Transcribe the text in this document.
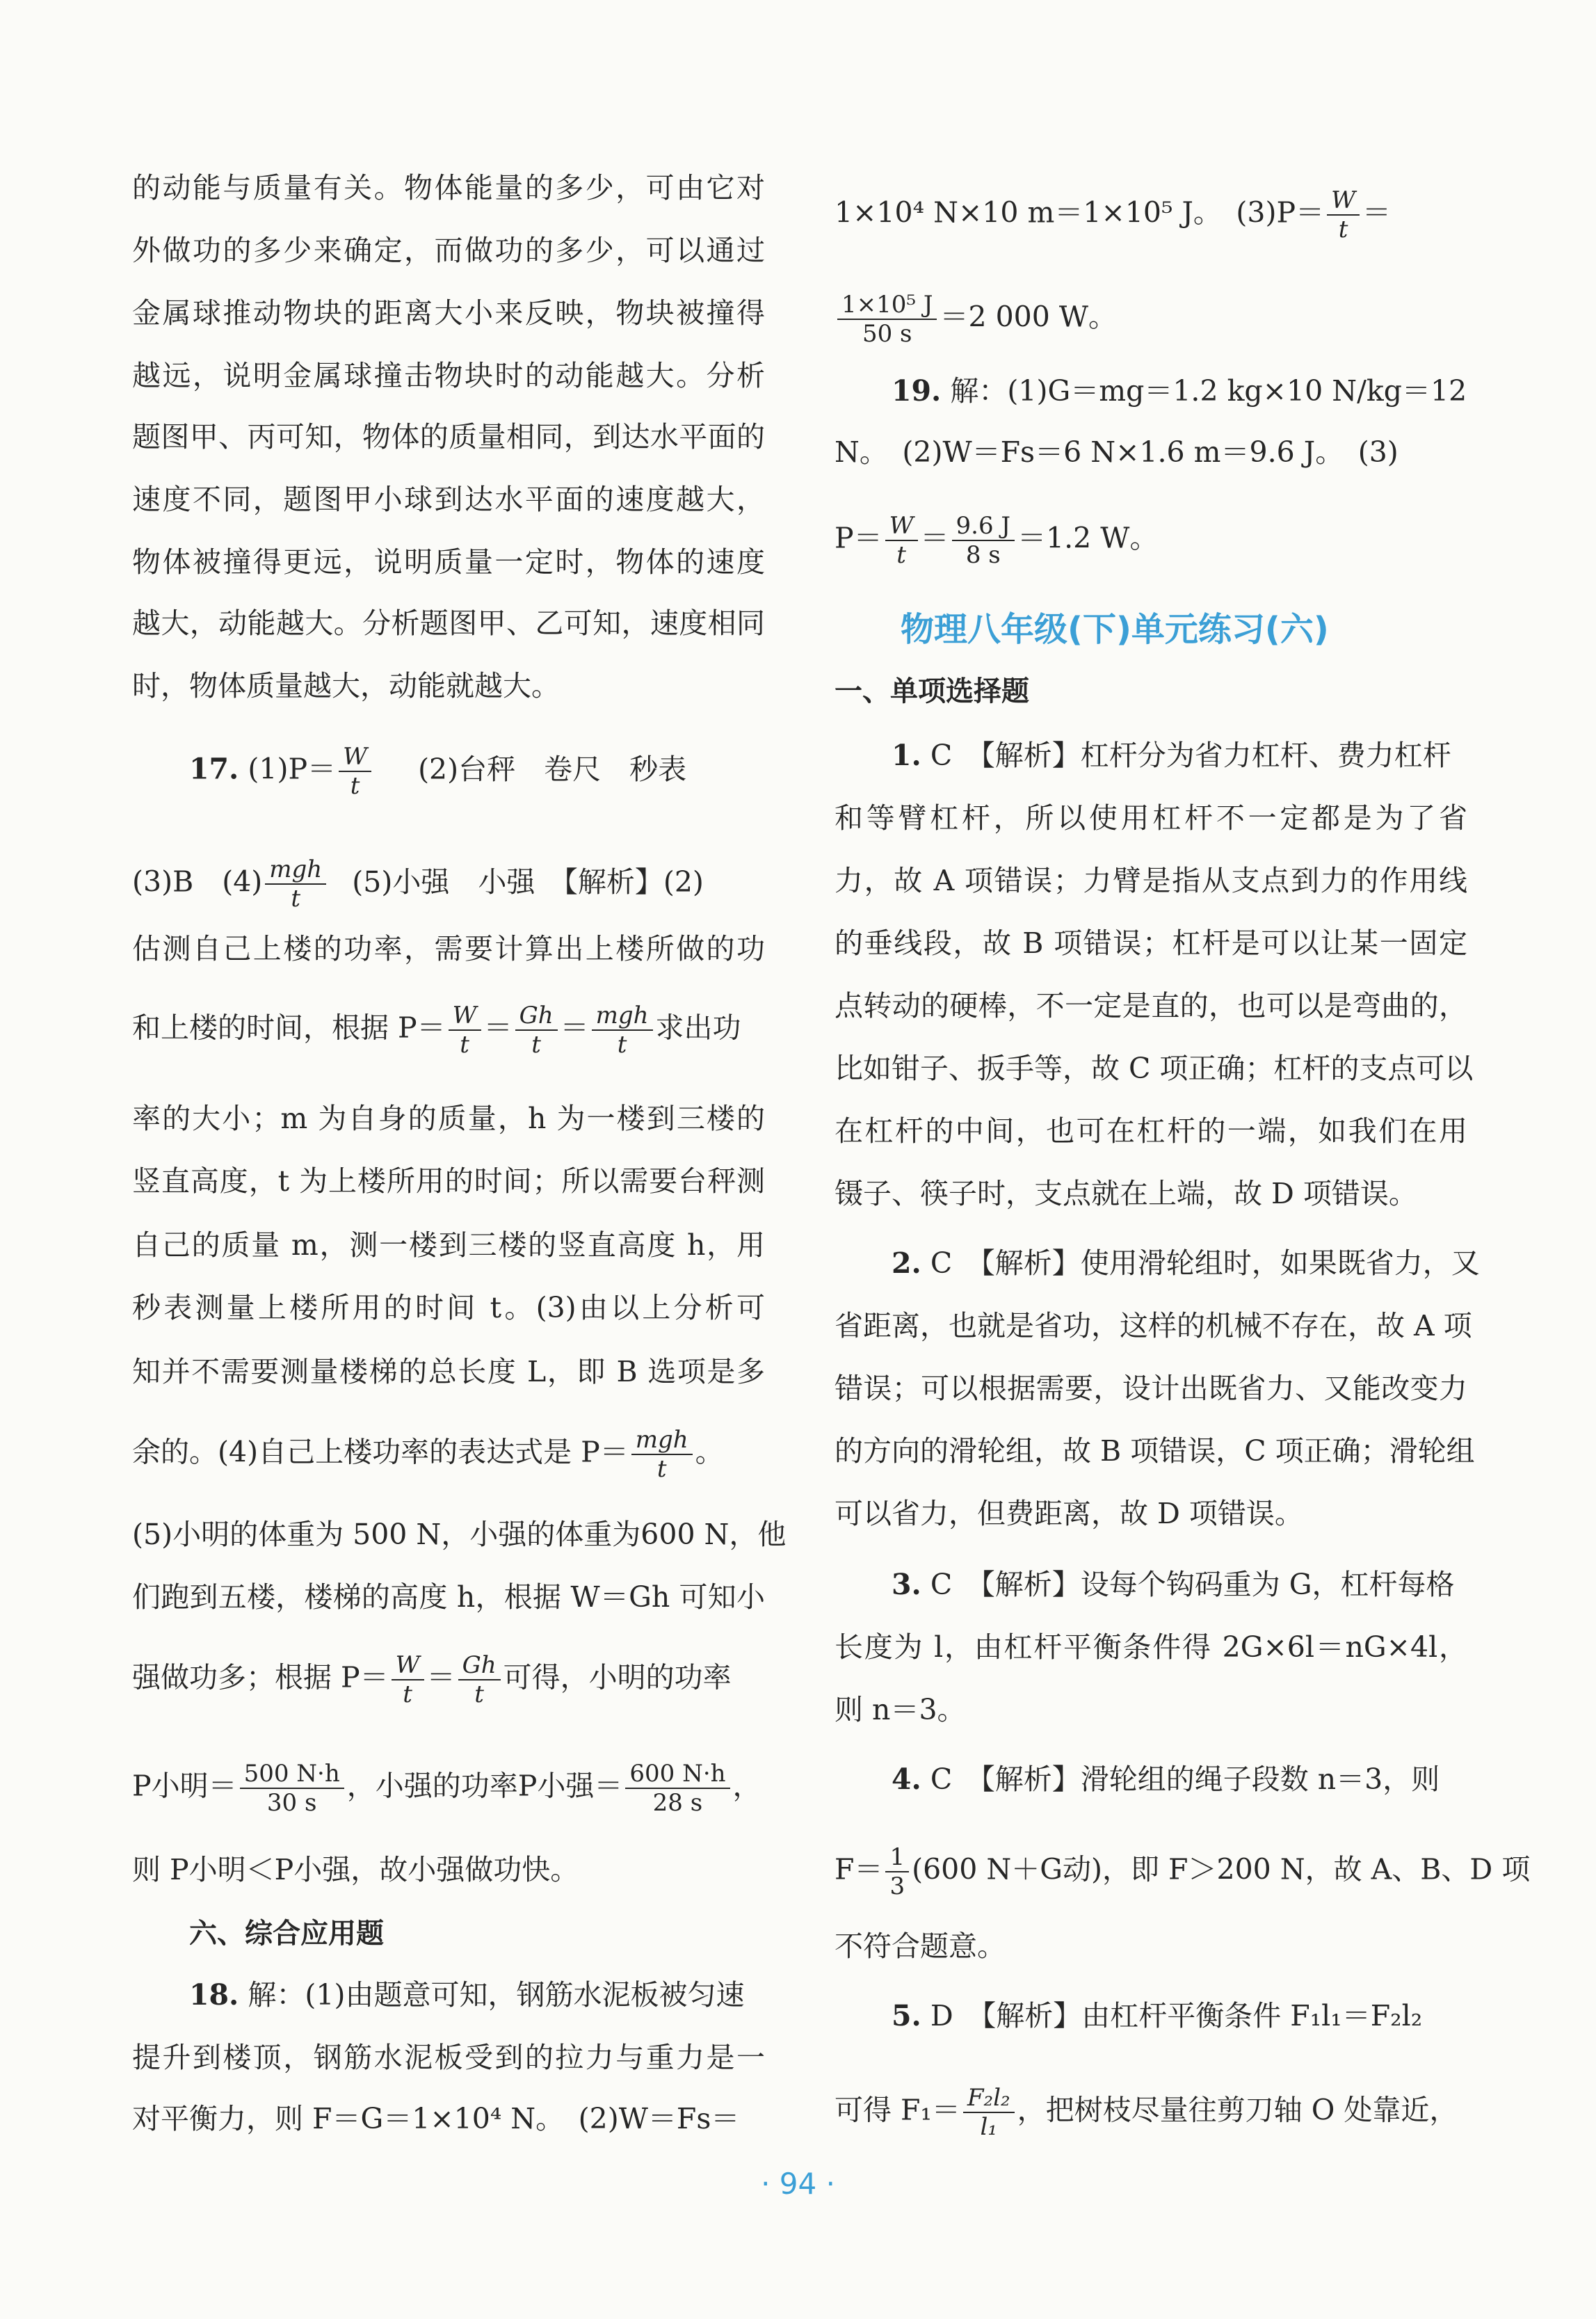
的动能与质量有关。物体能量的多少，可由它对
外做功的多少来确定，而做功的多少，可以通过
金属球推动物块的距离大小来反映，物块被撞得
越远，说明金属球撞击物块时的动能越大。分析
题图甲、丙可知，物体的质量相同，到达水平面的
速度不同，题图甲小球到达水平面的速度越大，
物体被撞得更远，说明质量一定时，物体的速度
越大，动能越大。分析题图甲、乙可知，速度相同
时，物体质量越大，动能就越大。
17. $(1)P= \frac{W}{t} (2)$台秤　卷尺　秒表
(3)B　(4) mgh
t
(5)小强　小强　【解析】(2)
估测自己上楼的功率，需要计算出上楼所做的功
和上楼的时间，根据 $P= \frac{W}{t} = \frac{Gh}{t}$ ＝ mgh
t
求出功
率的大小；m 为自身的质量，h 为一楼到三楼的
竖直高度，t 为上楼所用的时间；所以需要台秤测
自己的质量 m，测一楼到三楼的竖直高度 h，用
秒表测量上楼所用的时间 t。(3)由以上分析可
知并不需要测量楼梯的总长度 L，即 B 选项是多
余的。(4)自己上楼功率的表达式是 P＝ mgh
t
。
(5)小明的体重为 500 N，小强的体重为600 N，他
们跑到五楼，楼梯的高度 h，根据 W＝Gh 可知小
强做功多；根据 $P= \frac{W}{t} = \frac{Gh}{t}$ 可得，小明的功率
P小明＝ $\frac{500 N\cdot h}{30 s}$ ，小强的功率P小强＝ $\frac{600 N\cdot h}{28 s}$ ，
则 P小明＜P小强，故小强做功快。
六、综合应用题
18. 解：(1)由题意可知，钢筋水泥板被匀速
提升到楼顶，钢筋水泥板受到的拉力与重力是一
对平衡力，则 F＝G＝1×10⁴ N。　(2)W＝Fs＝
1×10⁴ N×10 m＝1×10⁵ J。　$(3)P= \frac{W}{t}$ ＝
$\frac{\text{1×10⁵ J}}{50 s} =2$ 000 W。
19. 解：(1)G＝mg＝1.2 kg×10 N/kg＝12
N。　(2)W＝Fs＝6 N×1.6 m＝9.6 J。　(3)
$P= \frac{W}{t} = \frac{9.6 J}{8 s} =1.2$ W。
物理八年级(下)单元练习(六)
一、单项选择题
1. C　【解析】杠杆分为省力杠杆、费力杠杆
和等臂杠杆，所以使用杠杆不一定都是为了省
力，故 A 项错误；力臂是指从支点到力的作用线
的垂线段，故 B 项错误；杠杆是可以让某一固定
点转动的硬棒，不一定是直的，也可以是弯曲的，
比如钳子、扳手等，故 C 项正确；杠杆的支点可以
在杠杆的中间，也可在杠杆的一端，如我们在用
镊子、筷子时，支点就在上端，故 D 项错误。
2. C　【解析】使用滑轮组时，如果既省力，又
省距离，也就是省功，这样的机械不存在，故 A 项
错误；可以根据需要，设计出既省力、又能改变力
的方向的滑轮组，故 B 项错误，C 项正确；滑轮组
可以省力，但费距离，故 D 项错误。
3. C　【解析】设每个钩码重为 G，杠杆每格
长度为 l，由杠杆平衡条件得 2G×6l＝nG×4l，
则 n＝3。
4. C　【解析】滑轮组的绳子段数 n＝3，则
$F= \frac{1}{3} (600$ N＋G动)，即 F＞200 N，故 A、B、D 项
不符合题意。
5. D　【解析】由杠杆平衡条件 F₁l₁＝F₂l₂
可得 $F_1= \frac{\text{F₂l₂}}{\text{l₁}}$ ，把树枝尽量往剪刀轴 O 处靠近，
· 94 ·
